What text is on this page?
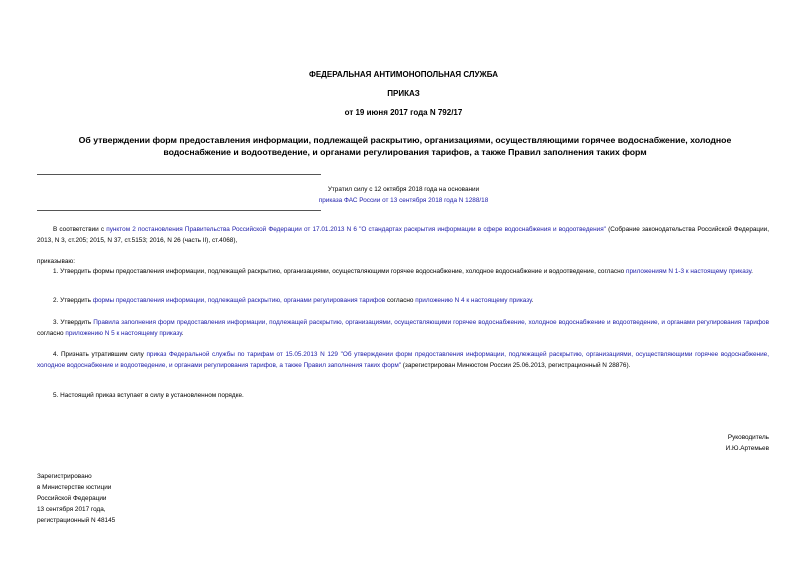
ФЕДЕРАЛЬНАЯ АНТИМОНОПОЛЬНАЯ СЛУЖБА
ПРИКАЗ
от 19 июня 2017 года N 792/17
Об утверждении форм предоставления информации, подлежащей раскрытию, организациями, осуществляющими горячее водоснабжение, холодное водоснабжение и водоотведение, и органами регулирования тарифов, а также Правил заполнения таких форм
Утратил силу с 12 октября 2018 года на основании
приказа ФАС России от 13 сентября 2018 года N 1288/18
В соответствии с пунктом 2 постановления Правительства Российской Федерации от 17.01.2013 N 6 "О стандартах раскрытия информации в сфере водоснабжения и водоотведения" (Собрание законодательства Российской Федерации, 2013, N 3, ст.205; 2015, N 37, ст.5153; 2016, N 26 (часть II), ст.4068),
приказываю:
1. Утвердить формы предоставления информации, подлежащей раскрытию, организациями, осуществляющими горячее водоснабжение, холодное водоснабжение и водоотведение, согласно приложениям N 1-3 к настоящему приказу.
2. Утвердить формы предоставления информации, подлежащей раскрытию, органами регулирования тарифов согласно приложению N 4 к настоящему приказу.
3. Утвердить Правила заполнения форм предоставления информации, подлежащей раскрытию, организациями, осуществляющими горячее водоснабжение, холодное водоснабжение и водоотведение, и органами регулирования тарифов согласно приложению N 5 к настоящему приказу.
4. Признать утратившим силу приказ Федеральной службы по тарифам от 15.05.2013 N 129 "Об утверждении форм предоставления информации, подлежащей раскрытию, организациями, осуществляющими горячее водоснабжение, холодное водоснабжение и водоотведение, и органами регулирования тарифов, а также Правил заполнения таких форм" (зарегистрирован Минюстом России 25.06.2013, регистрационный N 28876).
5. Настоящий приказ вступает в силу в установленном порядке.
Руководитель
И.Ю.Артемьев
Зарегистрировано
в Министерстве юстиции
Российской Федерации
13 сентября 2017 года,
регистрационный N 48145
